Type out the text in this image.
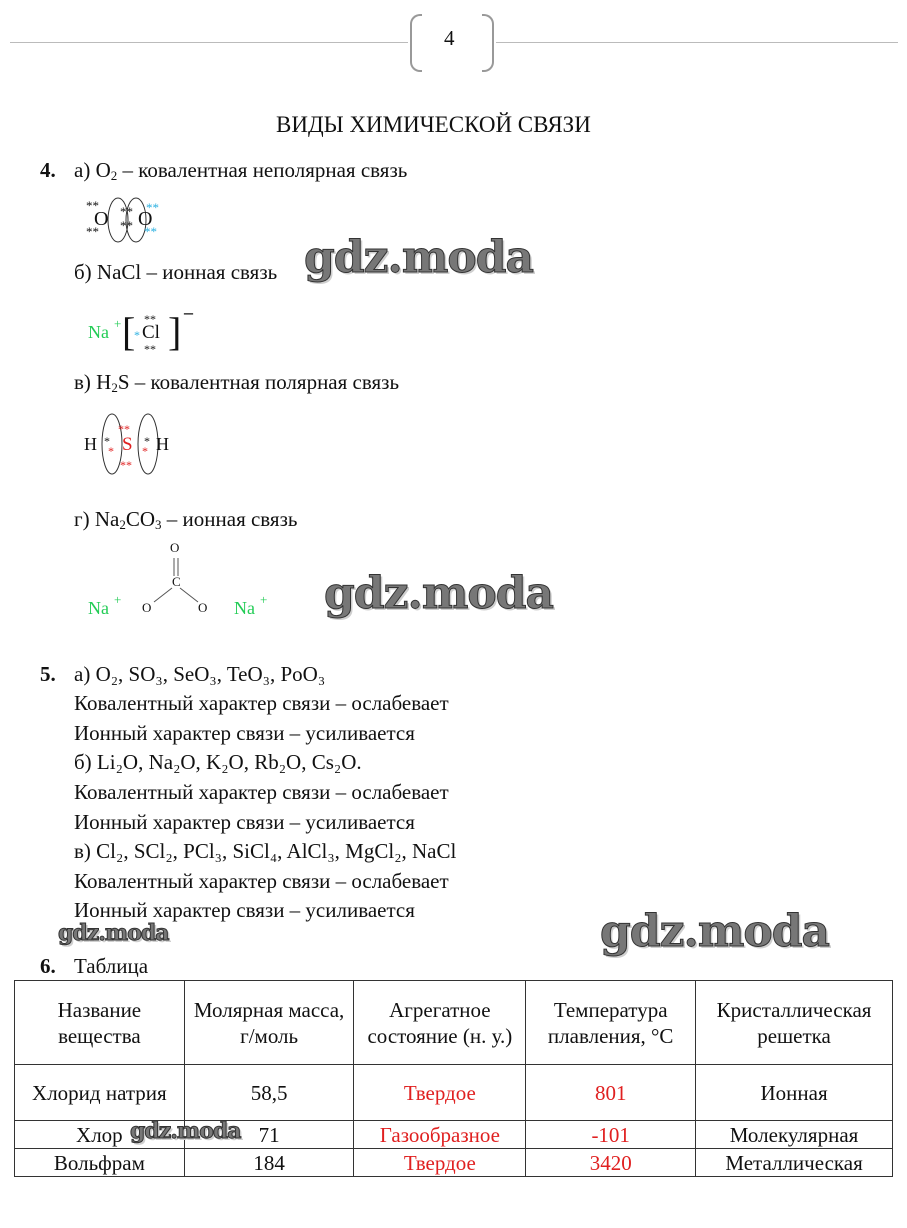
4
ВИДЫ ХИМИЧЕСКОЙ СВЯЗИ
4. а) $O_2$ – ковалентная неполярная связь
O O
**
**
**
**
**
**
б) NaCl – ионная связь
Na + [ Cl
**
**
* ] –
в) $H_2S$ – ковалентная полярная связь
H S H
**
**
*
*
*
*
г) $Na_2CO_3$ – ионная связь
O
C
O	O
Na +	Na +
5. а) O₂, SO₃, SeO₃, TeO₃, PoO₃
Ковалентный характер связи – ослабевает
Ионный характер связи – усиливается
б) Li₂O, Na₂O, K₂O, Rb₂O, Cs₂O.
Ковалентный характер связи – ослабевает
Ионный характер связи – усиливается
в) Cl₂, SCl₂, PCl₃, SiCl₄, AlCl₃, MgCl₂, NaCl
Ковалентный характер связи – ослабевает
Ионный характер связи – усиливается
6. Таблица
Название вещества	Молярная масса, г/моль	Агрегатное состояние (н. у.)	Температура плавления, °С	Кристаллическая решетка
Хлорид натрия	58,5	Твердое	801	Ионная
Хлор	71	Газообразное	-101	Молекулярная
Вольфрам	184	Твердое	3420	Металлическая
gdz.moda
gdz.moda
gdz.moda
gdz.moda
gdz.moda
